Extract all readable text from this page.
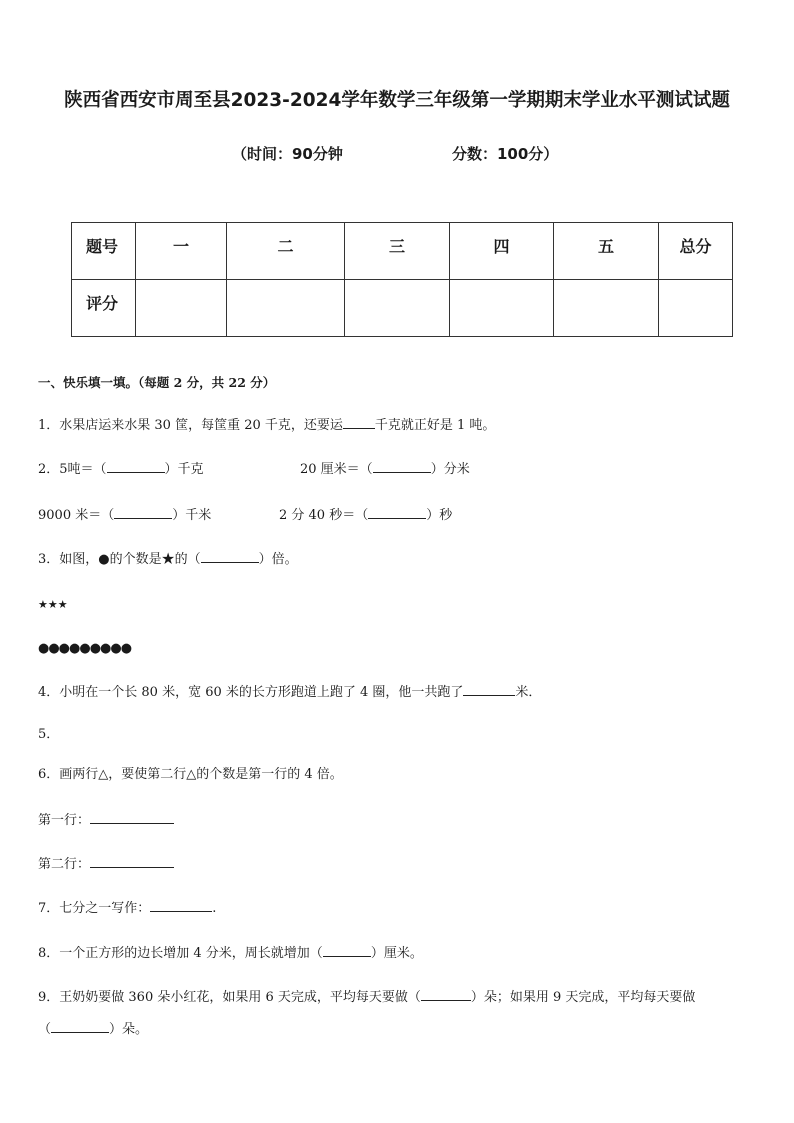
陕西省西安市周至县2023-2024学年数学三年级第一学期期末学业水平测试试题
（时间：90分钟	分数：100分）
题号	一	二	三	四	五	总分
评分						
一、快乐填一填。（每题 2 分，共 22 分）
1．水果店运来水果 30 筐，每筐重 20 千克，还要运 千克就正好是 1 吨。
2．5吨＝（	）千克	20 厘米＝（	）分米
9000 米＝（	）千米	2 分 40 秒＝（	）秒
3．如图，●的个数是★的（	）倍。
★★★
●●●●●●●●●
4．小明在一个长 80 米，宽 60 米的长方形跑道上跑了 4 圈，他一共跑了	米．
5．
6．画两行△，要使第二行△的个数是第一行的 4 倍。
第一行：
第二行：
7．七分之一写作：	.
8．一个正方形的边长增加 4 分米，周长就增加（	）厘米。
9．王奶奶要做 360 朵小红花，如果用 6 天完成，平均每天要做（	）朵；如果用 9 天完成，平均每天要做
（	）朵。
